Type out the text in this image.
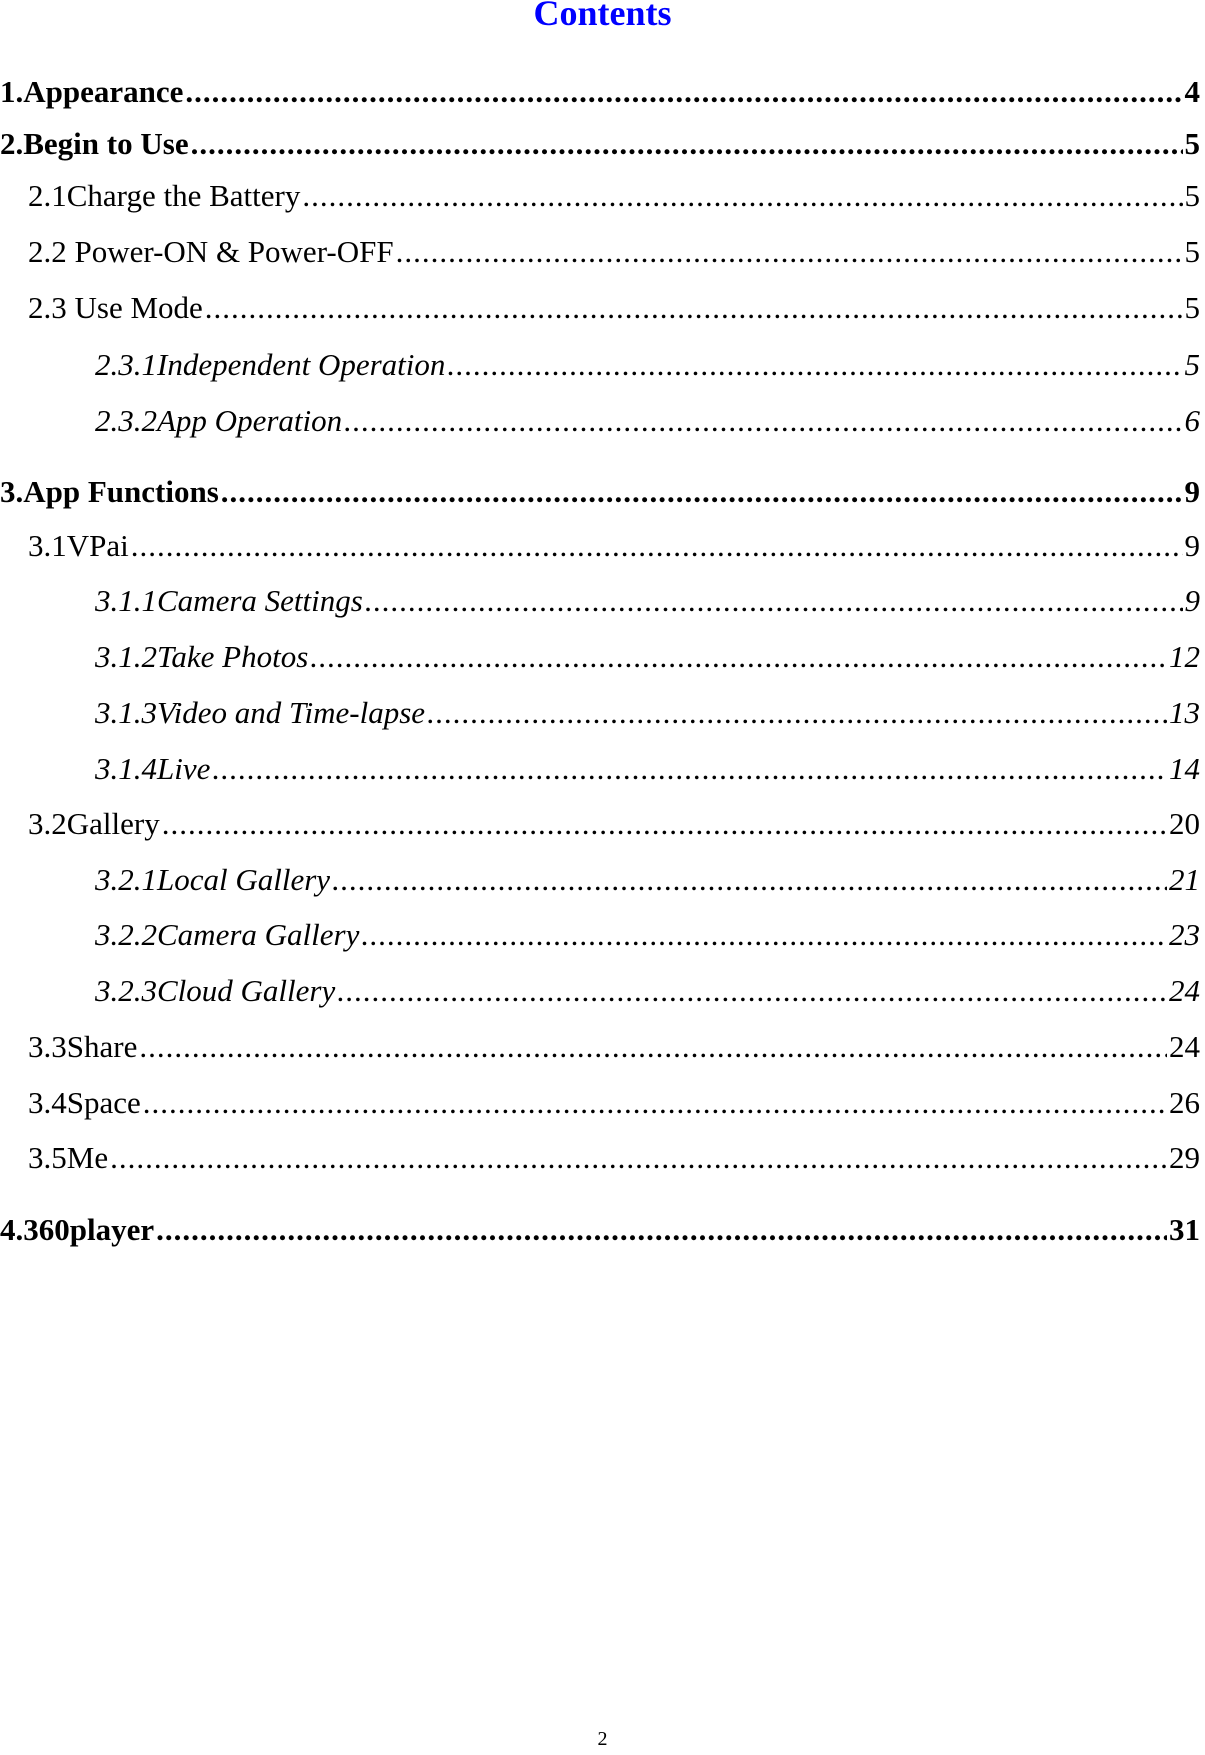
Contents
1.Appearance .....	4
2.Begin to Use .....	5
2.1Charge the Battery .....	5
2.2 Power-ON & Power-OFF .....	5
2.3 Use Mode .....	5
2.3.1Independent Operation .....	5
2.3.2App Operation .....	6
3.App Functions .....	9
3.1VPai .....	9
3.1.1Camera Settings .....	9
3.1.2Take Photos .....	12
3.1.3Video and Time-lapse .....	13
3.1.4Live .....	14
3.2Gallery .....	20
3.2.1Local Gallery .....	21
3.2.2Camera Gallery .....	23
3.2.3Cloud Gallery .....	24
3.3Share .....	24
3.4Space .....	26
3.5Me .....	29
4.360player .....	31
2
